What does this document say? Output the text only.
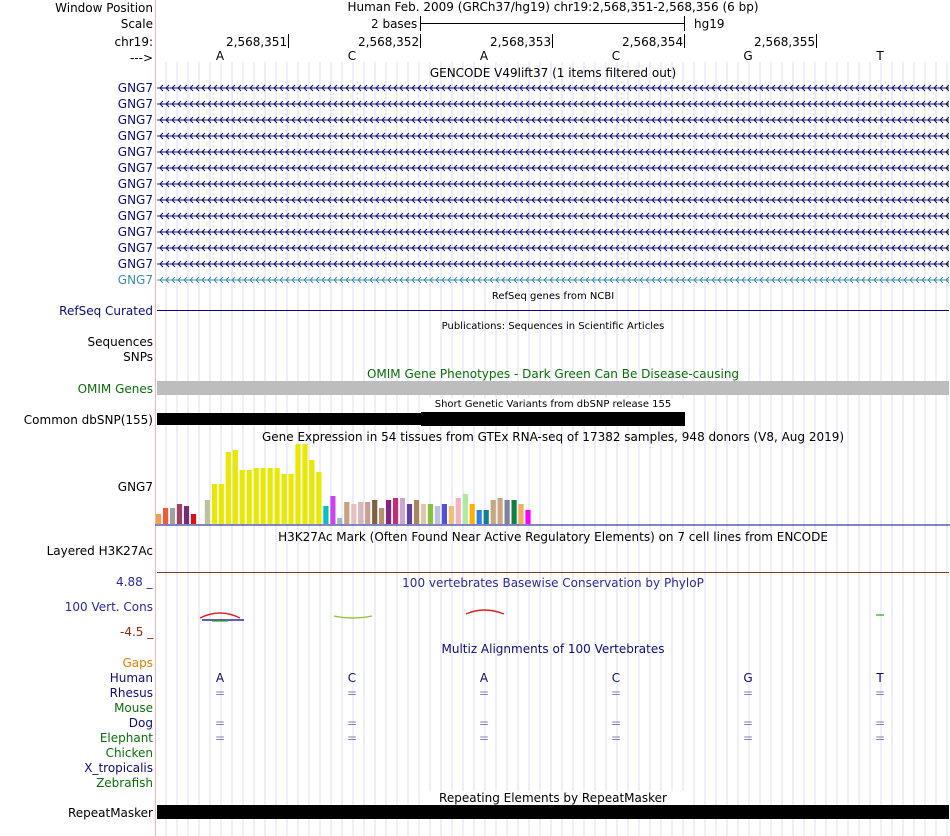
Window Position	Human Feb. 2009 (GRCh37/hg19) chr19:2,568,351-2,568,356 (6 bp)
Scale	2 bases	hg19
chr19:	2,568,351	2,568,352	2,568,353	2,568,354	2,568,355
--->	A	C	A	C	G	T
GENCODE V49lift37 (1 items filtered out)
GNG7
GNG7
GNG7
GNG7
GNG7
GNG7
GNG7
GNG7
GNG7
GNG7
GNG7
GNG7
GNG7
RefSeq genes from NCBI
RefSeq Curated
Publications: Sequences in Scientific Articles
Sequences
SNPs
OMIM Gene Phenotypes - Dark Green Can Be Disease-causing
OMIM Genes
Common dbSNP(155)
Short Genetic Variants from dbSNP release 155
Gene Expression in 54 tissues from GTEx RNA-seq of 17382 samples, 948 donors (V8, Aug 2019)
GNG7
H3K27Ac Mark (Often Found Near Active Regulatory Elements) on 7 cell lines from ENCODE
Layered H3K27Ac
4.88 _	100 vertebrates Basewise Conservation by PhyloP
100 Vert. Cons
-4.5 _
Multiz Alignments of 100 Vertebrates
Gaps
Human	A	C	A	C	G	T
Rhesus	=	=	=	=	=	=
Mouse
Dog	=	=	=	=	=	=
Elephant	=	=	=	=	=	=
Chicken
X_tropicalis
Zebrafish
RepeatMasker
Repeating Elements by RepeatMasker
